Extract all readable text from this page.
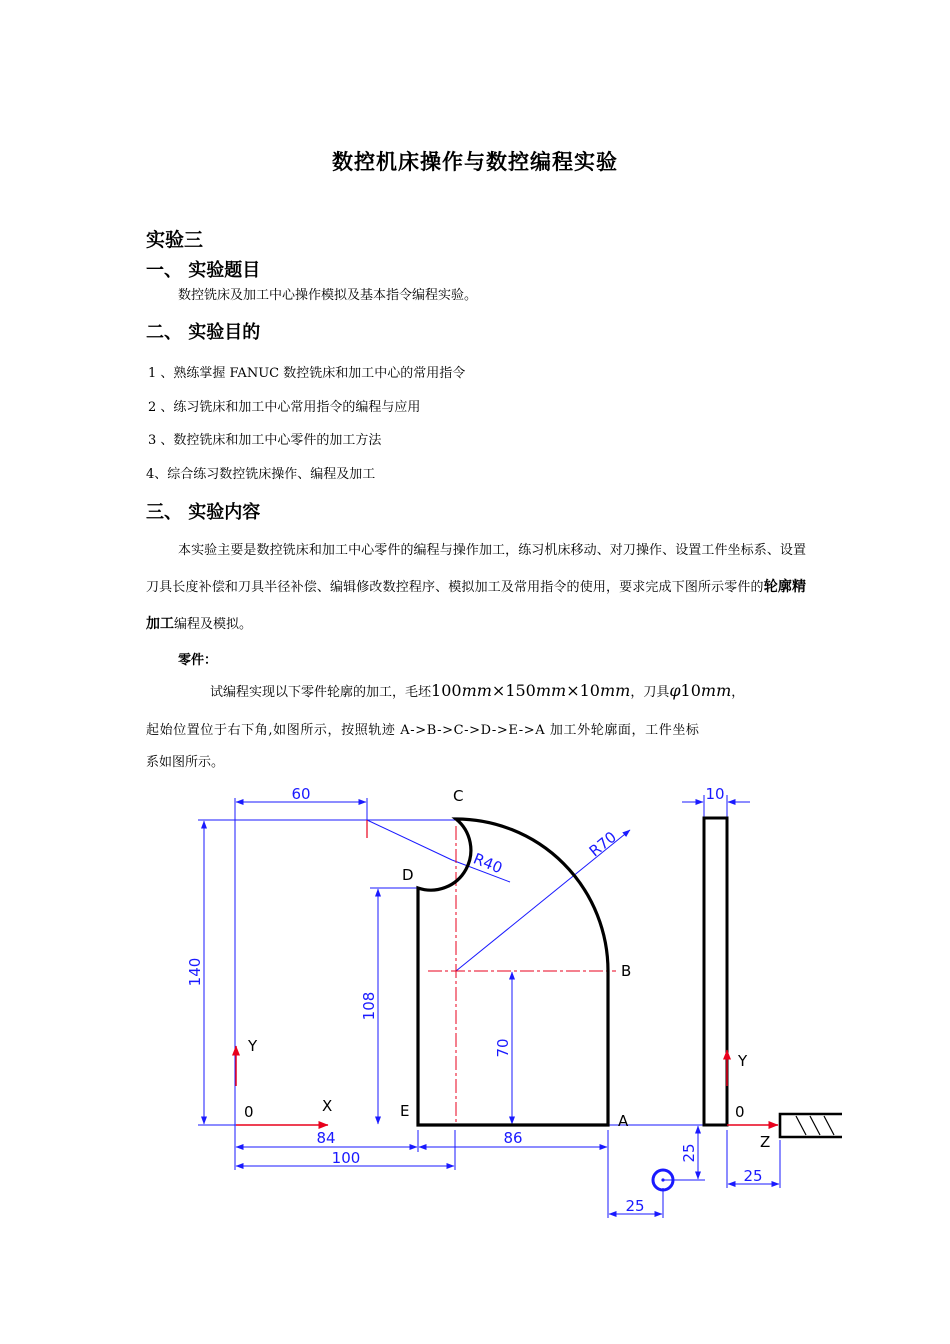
数控机床操作与数控编程实验
实验三
一、 实验题目
数控铣床及加工中心操作模拟及基本指令编程实验。
二、 实验目的
1 、熟练掌握 FANUC 数控铣床和加工中心的常用指令
2 、练习铣床和加工中心常用指令的编程与应用
3 、数控铣床和加工中心零件的加工方法
4、综合练习数控铣床操作、编程及加工
三、 实验内容
本实验主要是数控铣床和加工中心零件的编程与操作加工，练习机床移动、对刀操作、设置工件坐标系、设置刀具长度补偿和刀具半径补偿、编辑修改数控程序、模拟加工及常用指令的使用，要求完成下图所示零件的轮廓精加工编程及模拟。
零件：
试编程实现以下零件轮廓的加工，毛坯100mm×150mm×10mm，刀具φ10mm，
起始位置位于右下角,如图所示，按照轨迹 A->B->C->D->E->A 加工外轮廓面，工件坐标
系如图所示。
60
140
108
70
84	86
100
25
25
10
25
R40
R70
A
B
C
D
E
X
Y
0
Y
0
Z
